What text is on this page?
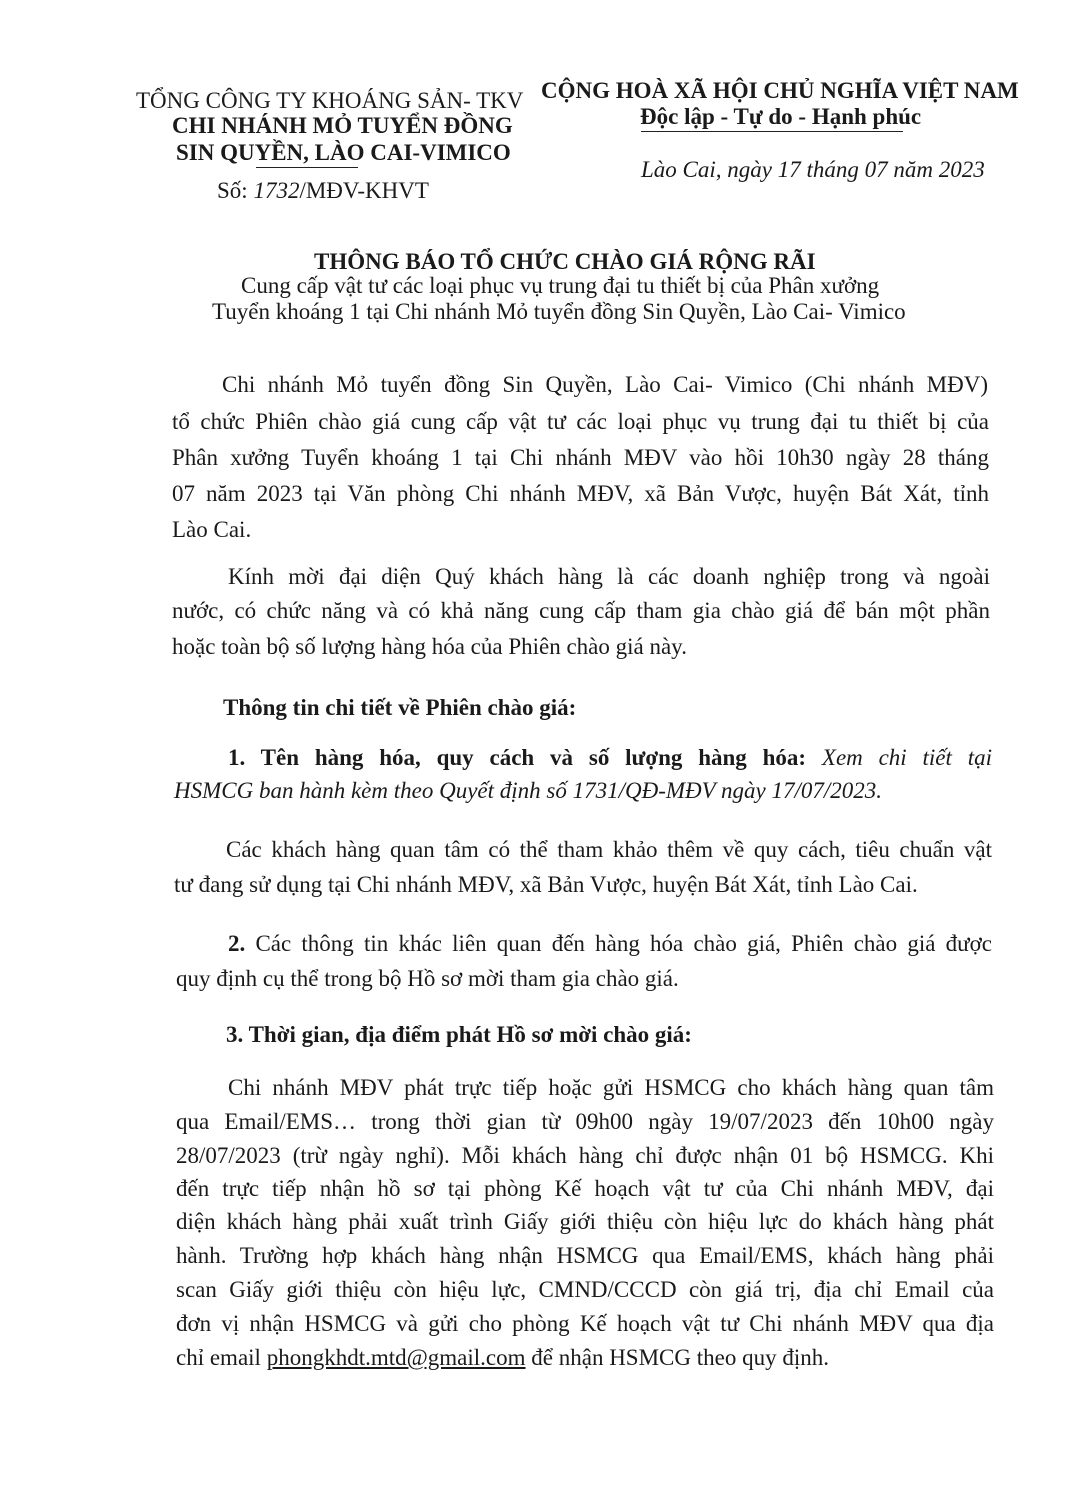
TỔNG CÔNG TY KHOÁNG SẢN- TKV
CHI NHÁNH MỎ TUYỂN ĐỒNG
SIN QUYỀN, LÀO CAI-VIMICO
Số: 1732/MĐV-KHVT
CỘNG HOÀ XÃ HỘI CHỦ NGHĨA VIỆT NAM
Độc lập - Tự do - Hạnh phúc
Lào Cai, ngày 17 tháng 07 năm 2023
THÔNG BÁO TỔ CHỨC CHÀO GIÁ RỘNG RÃI
Cung cấp vật tư các loại phục vụ trung đại tu thiết bị của Phân xưởng
Tuyển khoáng 1 tại Chi nhánh Mỏ tuyển đồng Sin Quyền, Lào Cai- Vimico
Chi nhánh Mỏ tuyển đồng Sin Quyền, Lào Cai- Vimico (Chi nhánh MĐV)
tổ chức Phiên chào giá cung cấp vật tư các loại phục vụ trung đại tu thiết bị của
Phân xưởng Tuyển khoáng 1 tại Chi nhánh MĐV vào hồi 10h30 ngày 28 tháng
07 năm 2023 tại Văn phòng Chi nhánh MĐV, xã Bản Vược, huyện Bát Xát, tỉnh
Lào Cai.
Kính mời đại diện Quý khách hàng là các doanh nghiệp trong và ngoài
nước, có chức năng và có khả năng cung cấp tham gia chào giá để bán một phần
hoặc toàn bộ số lượng hàng hóa của Phiên chào giá này.
Thông tin chi tiết về Phiên chào giá:
1. Tên hàng hóa, quy cách và số lượng hàng hóa: Xem chi tiết tại
HSMCG ban hành kèm theo Quyết định số 1731/QĐ-MĐV ngày 17/07/2023.
Các khách hàng quan tâm có thể tham khảo thêm về quy cách, tiêu chuẩn vật
tư đang sử dụng tại Chi nhánh MĐV, xã Bản Vược, huyện Bát Xát, tỉnh Lào Cai.
2. Các thông tin khác liên quan đến hàng hóa chào giá, Phiên chào giá được
quy định cụ thể trong bộ Hồ sơ mời tham gia chào giá.
3. Thời gian, địa điểm phát Hồ sơ mời chào giá:
Chi nhánh MĐV phát trực tiếp hoặc gửi HSMCG cho khách hàng quan tâm
qua Email/EMS… trong thời gian từ 09h00 ngày 19/07/2023 đến 10h00 ngày
28/07/2023 (trừ ngày nghỉ). Mỗi khách hàng chỉ được nhận 01 bộ HSMCG. Khi
đến trực tiếp nhận hồ sơ tại phòng Kế hoạch vật tư của Chi nhánh MĐV, đại
diện khách hàng phải xuất trình Giấy giới thiệu còn hiệu lực do khách hàng phát
hành. Trường hợp khách hàng nhận HSMCG qua Email/EMS, khách hàng phải
scan Giấy giới thiệu còn hiệu lực, CMND/CCCD còn giá trị, địa chỉ Email của
đơn vị nhận HSMCG và gửi cho phòng Kế hoạch vật tư Chi nhánh MĐV qua địa
chỉ email phongkhdt.mtd@gmail.com để nhận HSMCG theo quy định.
